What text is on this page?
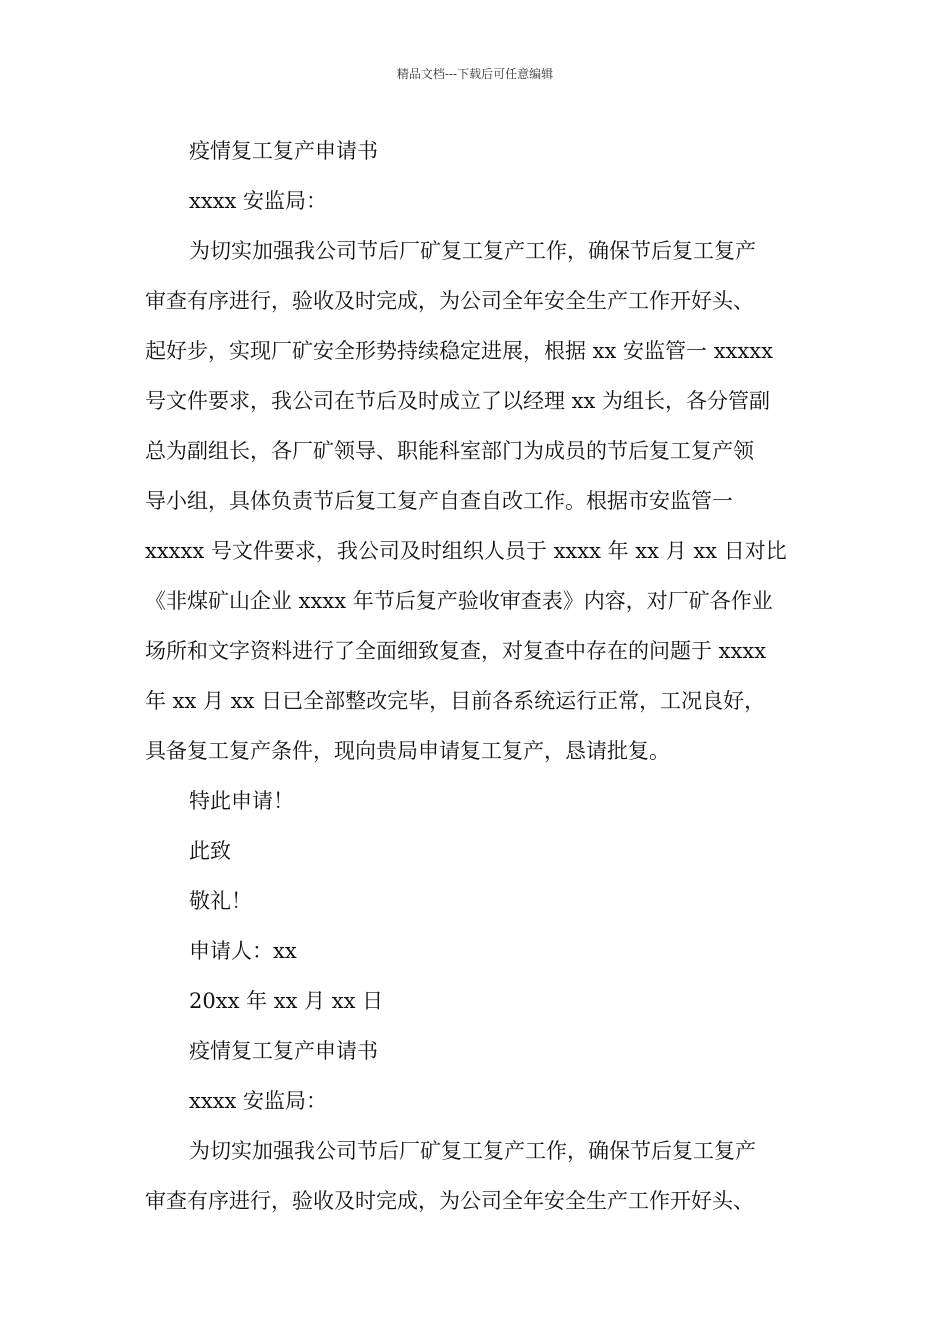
精品文档---下载后可任意编辑
疫情复工复产申请书
xxxx 安监局：
为切实加强我公司节后厂矿复工复产工作，确保节后复工复产
审查有序进行，验收及时完成，为公司全年安全生产工作开好头、
起好步，实现厂矿安全形势持续稳定进展，根据 xx 安监管一 xxxxx
号文件要求，我公司在节后及时成立了以经理 xx 为组长，各分管副
总为副组长，各厂矿领导、职能科室部门为成员的节后复工复产领
导小组，具体负责节后复工复产自查自改工作。根据市安监管一
xxxxx 号文件要求，我公司及时组织人员于 xxxx 年 xx 月 xx 日对比
《非煤矿山企业 xxxx 年节后复产验收审查表》内容，对厂矿各作业
场所和文字资料进行了全面细致复查，对复查中存在的问题于 xxxx
年 xx 月 xx 日已全部整改完毕，目前各系统运行正常，工况良好，
具备复工复产条件，现向贵局申请复工复产，恳请批复。
特此申请！
此致
敬礼！
申请人：xx
20xx 年 xx 月 xx 日
疫情复工复产申请书
xxxx 安监局：
为切实加强我公司节后厂矿复工复产工作，确保节后复工复产
审查有序进行，验收及时完成，为公司全年安全生产工作开好头、
